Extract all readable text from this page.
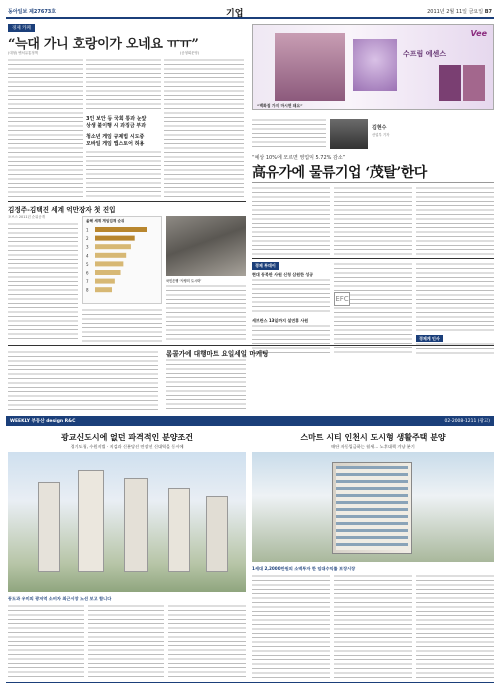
동아일보 제27673호	기업	2011년 2월 11일 금요일 B7
경제 카페
“늑대 가니 호랑이가 오네요 ㅠㅠ”
(대형) 벤처유통정책	(공청회운영)
3인 보안 등 국회 통과 눈앞
상생 불이행 시 과징금 부과
청소년 게임 규제법 시도중
모바일 게임 앱스토어 허용
김정주-김택진 세계 억만장자 첫 진입
포브스 2011년 순위공개
올해 세계 게임업계 순위
1
2
3
4
5
6
7
8
국민은행 ‘사랑의 도시락’
Vee
수프림 에센스
“백화점 가지 마시면 돼요”
김현수
산업부 기자
“예상 10%에 모르면 영업익 5.72% 감소”
高유가에 물류기업 ‘茂탈’한다
경제 투데이
현대 동북판 사원 신청 삼원한 성공
세브란스 13일까지 설연휴 사원
EFC
경제게 인사
롬콜가에 대행마트 요일세일 마케팅
WEEKLY 부동산 design R&C	02-2008-1211 (광고)
광교신도시에 없던 파격적인 분양조건
경기도청, 수원지법 · 지검과 신분당선 연장선 신대역을 동시에
동도과 우미의 광저역 소비자 최근시장 노선 보고 합니다
스마트 시티 인천시 도시형 생활주택 분양
매단 자동입금하는 월세… 노후대책 겨냥 분기
1세대 2,2000만원의 소액투자 한 임대수익률 보장시장
